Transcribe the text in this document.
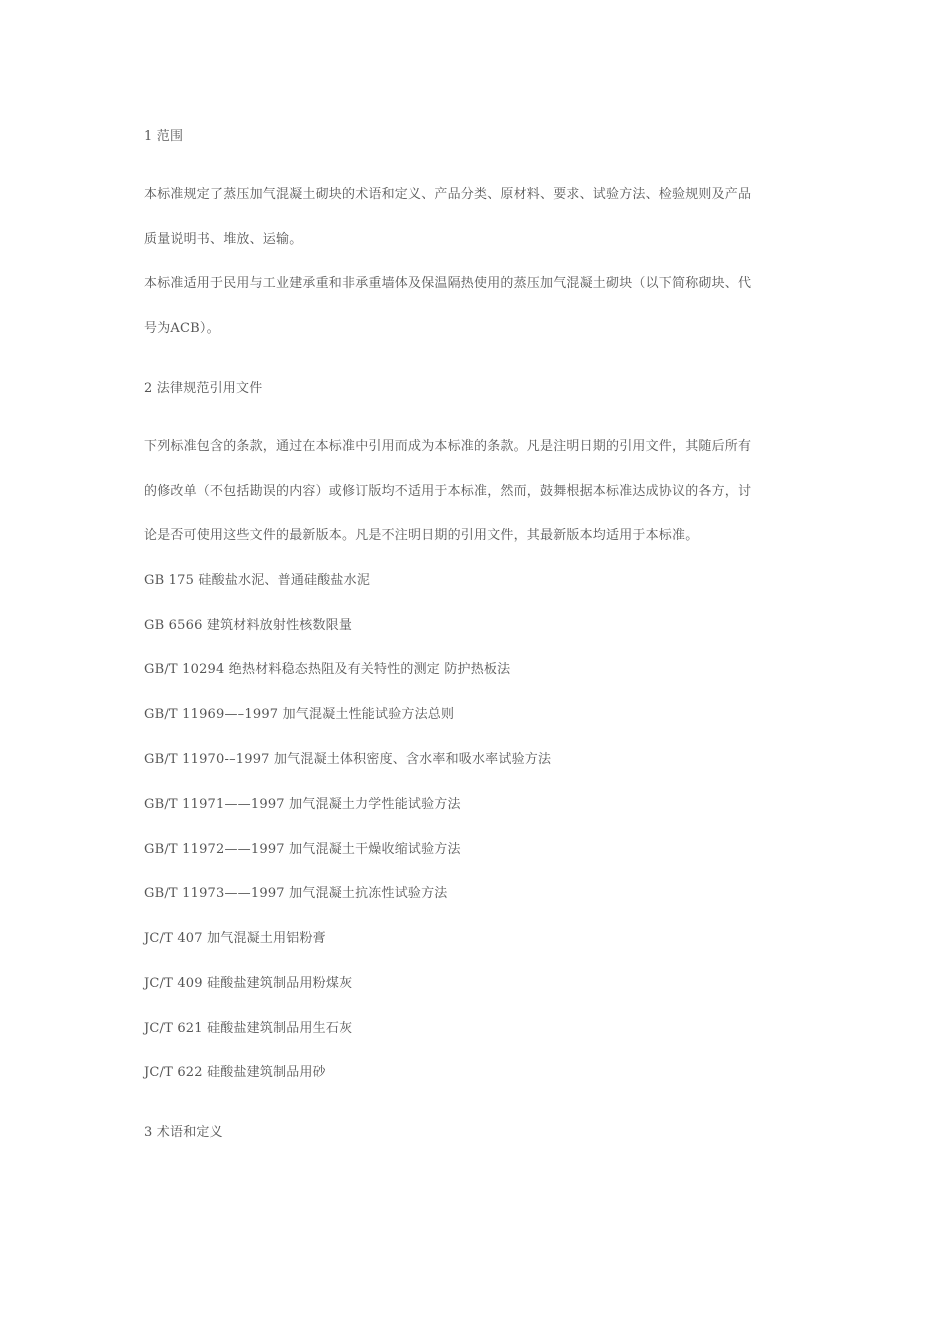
1 范围
本标准规定了蒸压加气混凝土砌块的术语和定义、产品分类、原材料、要求、试验方法、检验规则及产品
质量说明书、堆放、运输。
本标准适用于民用与工业建承重和非承重墙体及保温隔热使用的蒸压加气混凝土砌块（以下简称砌块、代
号为ACB）。
2 法律规范引用文件
下列标准包含的条款，通过在本标准中引用而成为本标准的条款。凡是注明日期的引用文件，其随后所有
的修改单（不包括勘误的内容）或修订版均不适用于本标准，然而，鼓舞根据本标准达成协议的各方，讨
论是否可使用这些文件的最新版本。凡是不注明日期的引用文件，其最新版本均适用于本标准。
GB 175 硅酸盐水泥、普通硅酸盐水泥
GB 6566 建筑材料放射性核数限量
GB/T 10294 绝热材料稳态热阻及有关特性的测定 防护热板法
GB/T 11969—–1997 加气混凝土性能试验方法总则
GB/T 11970-–1997 加气混凝土体积密度、含水率和吸水率试验方法
GB/T 11971——1997 加气混凝土力学性能试验方法
GB/T 11972——1997 加气混凝土干燥收缩试验方法
GB/T 11973——1997 加气混凝土抗冻性试验方法
JC/T 407 加气混凝土用铝粉膏
JC/T 409 硅酸盐建筑制品用粉煤灰
JC/T 621 硅酸盐建筑制品用生石灰
JC/T 622 硅酸盐建筑制品用砂
3 术语和定义
